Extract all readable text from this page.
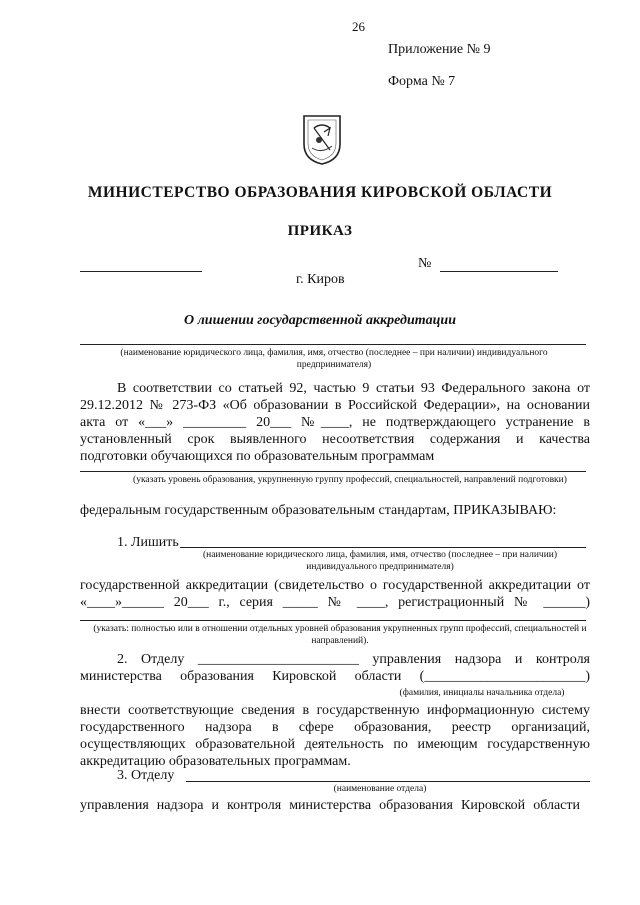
26
Приложение № 9
Форма № 7
МИНИСТЕРСТВО ОБРАЗОВАНИЯ КИРОВСКОЙ ОБЛАСТИ
ПРИКАЗ
№
г. Киров
О лишении государственной аккредитации
(наименование юридического лица, фамилия, имя, отчество (последнее – при наличии) индивидуального предпринимателя)
В соответствии со статьей 92, частью 9 статьи 93 Федерального закона от
29.12.2012 № 273-ФЗ «Об образовании в Российской Федерации», на основании
акта от «___» _________ 20___ №____, не подтверждающего устранение в
установленный срок выявленного несоответствия содержания и качества
подготовки обучающихся по образовательным программам
(указать уровень образования, укрупненную группу профессий, специальностей, направлений подготовки)
федеральным государственным образовательным стандартам, ПРИКАЗЫВАЮ:
1. Лишить
(наименование юридического лица, фамилия, имя, отчество (последнее – при наличии) индивидуального предпринимателя)
государственной аккредитации (свидетельство о государственной аккредитации от
«____»______ 20___ г., серия _____ № ____, регистрационный № ______)
(указать: полностью или в отношении отдельных уровней образования укрупненных групп профессий, специальностей и направлений).
2. Отделу _______________________ управления надзора и контроля
министерства образования Кировской области (_______________________)
(фамилия, инициалы начальника отдела)
внести соответствующие сведения в государственную информационную систему
государственного надзора в сфере образования, реестр организаций,
осуществляющих образовательной деятельность по имеющим государственную
аккредитацию образовательных программам.
3. Отделу
(наименование отдела)
управления надзора и контроля министерства образования Кировской области
